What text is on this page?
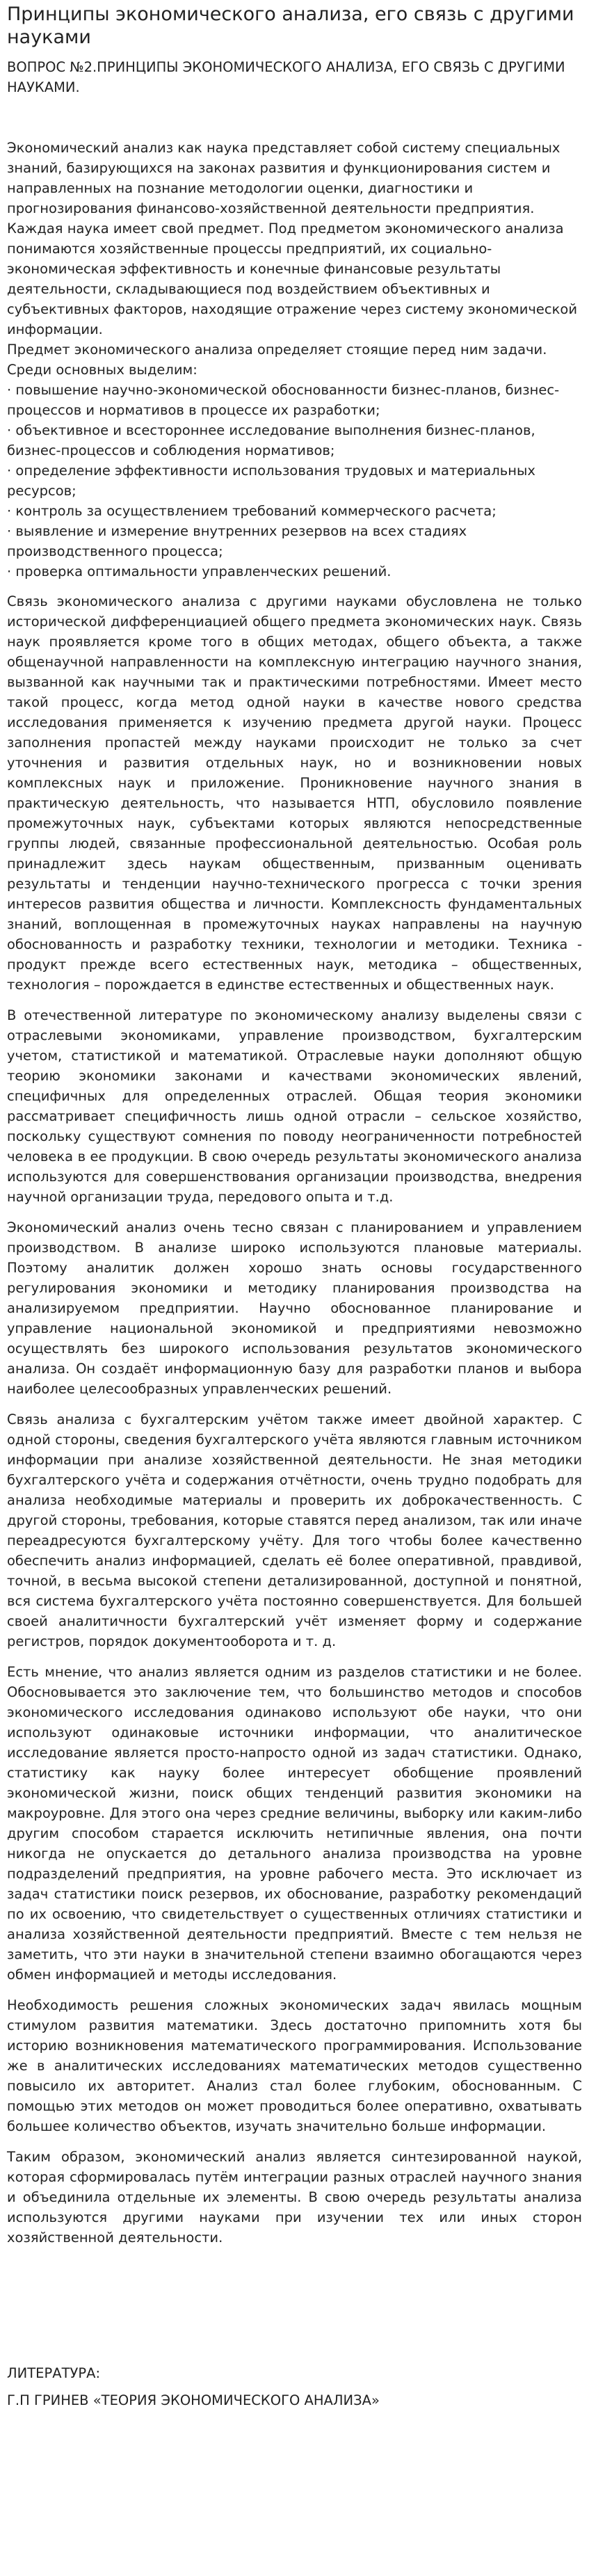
Принципы экономического анализа, его связь с другими науками

ВОПРОС №2.ПРИНЦИПЫ ЭКОНОМИЧЕСКОГО АНАЛИЗА, ЕГО СВЯЗЬ С ДРУГИМИ НАУКАМИ.

Экономический анализ как наука представляет собой систему специальных знаний, базирующихся на законах развития и функционирования систем и направленных на познание методологии оценки, диагностики и прогнозирования финансово-хозяйственной деятельности предприятия.

Каждая наука имеет свой предмет. Под предметом экономического анализа понимаются хозяйственные процессы предприятий, их социально-экономическая эффективность и конечные финансовые результаты деятельности, складывающиеся под воздействием объективных и субъективных факторов, находящие отражение через систему экономической информации.

Предмет экономического анализа определяет стоящие перед ним задачи. Среди основных выделим:

· повышение научно-экономической обоснованности бизнес-планов, бизнес-процессов и нормативов в процессе их разработки;

· объективное и всестороннее исследование выполнения бизнес-планов, бизнес-процессов и соблюдения нормативов;

· определение эффективности использования трудовых и материальных ресурсов;

· контроль за осуществлением требований коммерческого расчета;

· выявление и измерение внутренних резервов на всех стадиях производственного процесса;

· проверка оптимальности управленческих решений.

Связь экономического анализа с другими науками обусловлена не только исторической дифференциацией общего предмета экономических наук. Связь наук проявляется кроме того в общих методах, общего объекта, а также общенаучной направленности на комплексную интеграцию научного знания, вызванной как научными так и практическими потребностями. Имеет место такой процесс, когда метод одной науки в качестве нового средства исследования применяется к изучению предмета другой науки. Процесс заполнения пропастей между науками происходит не только за счет уточнения и развития отдельных наук, но и возникновении новых комплексных наук и приложение. Проникновение научного знания в практическую деятельность, что называется НТП, обусловило появление промежуточных наук, субъектами которых являются непосредственные группы людей, связанные профессиональной деятельностью. Особая роль принадлежит здесь наукам общественным, призванным оценивать результаты и тенденции научно-технического прогресса с точки зрения интересов развития общества и личности. Комплексность фундаментальных знаний, воплощенная в промежуточных науках направлены на научную обоснованность и разработку техники, технологии и методики. Техника - продукт прежде всего естественных наук, методика – общественных, технология – порождается в единстве естественных и общественных наук.

В отечественной литературе по экономическому анализу выделены связи с отраслевыми экономиками, управление производством, бухгалтерским учетом, статистикой и математикой. Отраслевые науки дополняют общую теорию экономики законами и качествами экономических явлений, специфичных для определенных отраслей. Общая теория экономики рассматривает специфичность лишь одной отрасли – сельское хозяйство, поскольку существуют сомнения по поводу неограниченности потребностей человека в ее продукции. В свою очередь результаты экономического анализа используются для совершенствования организации производства, внедрения научной организации труда, передового опыта и т.д.

Экономический анализ очень тесно связан с планированием и управлением производством. В анализе широко используются плановые материалы. Поэтому аналитик должен хорошо знать основы государственного регулирования экономики и методику планирования производства на анализируемом предприятии. Научно обоснованное планирование и управление национальной экономикой и предприятиями невозможно осуществлять без широкого использования результатов экономического анализа. Он создаёт информационную базу для разработки планов и выбора наиболее целесообразных управленческих решений.

Связь анализа с бухгалтерским учётом также имеет двойной характер. С одной стороны, сведения бухгалтерского учёта являются главным источником информации при анализе хозяйственной деятельности. Не зная методики бухгалтерского учёта и содержания отчётности, очень трудно подобрать для анализа необходимые материалы и проверить их доброкачественность. С другой стороны, требования, которые ставятся перед анализом, так или иначе переадресуются бухгалтерскому учёту. Для того чтобы более качественно обеспечить анализ информацией, сделать её более оперативной, правдивой, точной, в весьма высокой степени детализированной, доступной и понятной, вся система бухгалтерского учёта постоянно совершенствуется. Для большей своей аналитичности бухгалтерский учёт изменяет форму и содержание регистров, порядок документооборота и т. д.

Есть мнение, что анализ является одним из разделов статистики и не более. Обосновывается это заключение тем, что большинство методов и способов экономического исследования одинаково используют обе науки, что они используют одинаковые источники информации, что аналитическое исследование является просто-напросто одной из задач статистики. Однако, статистику как науку более интересует обобщение проявлений экономической жизни, поиск общих тенденций развития экономики на макроуровне. Для этого она через средние величины, выборку или каким-либо другим способом старается исключить нетипичные явления, она почти никогда не опускается до детального анализа производства на уровне подразделений предприятия, на уровне рабочего места. Это исключает из задач статистики поиск резервов, их обоснование, разработку рекомендаций по их освоению, что свидетельствует о существенных отличиях статистики и анализа хозяйственной деятельности предприятий. Вместе с тем нельзя не заметить, что эти науки в значительной степени взаимно обогащаются через обмен информацией и методы исследования.

Необходимость решения сложных экономических задач явилась мощным стимулом развития математики. Здесь достаточно припомнить хотя бы историю возникновения математического программирования. Использование же в аналитических исследованиях математических методов существенно повысило их авторитет. Анализ стал более глубоким, обоснованным. С помощью этих методов он может проводиться более оперативно, охватывать большее количество объектов, изучать значительно больше информации.

Таким образом, экономический анализ является синтезированной наукой, которая сформировалась путём интеграции разных отраслей научного знания и объединила отдельные их элементы. В свою очередь результаты анализа используются другими науками при изучении тех или иных сторон хозяйственной деятельности.

ЛИТЕРАТУРА:

Г.П ГРИНЕВ «ТЕОРИЯ ЭКОНОМИЧЕСКОГО АНАЛИЗА»
